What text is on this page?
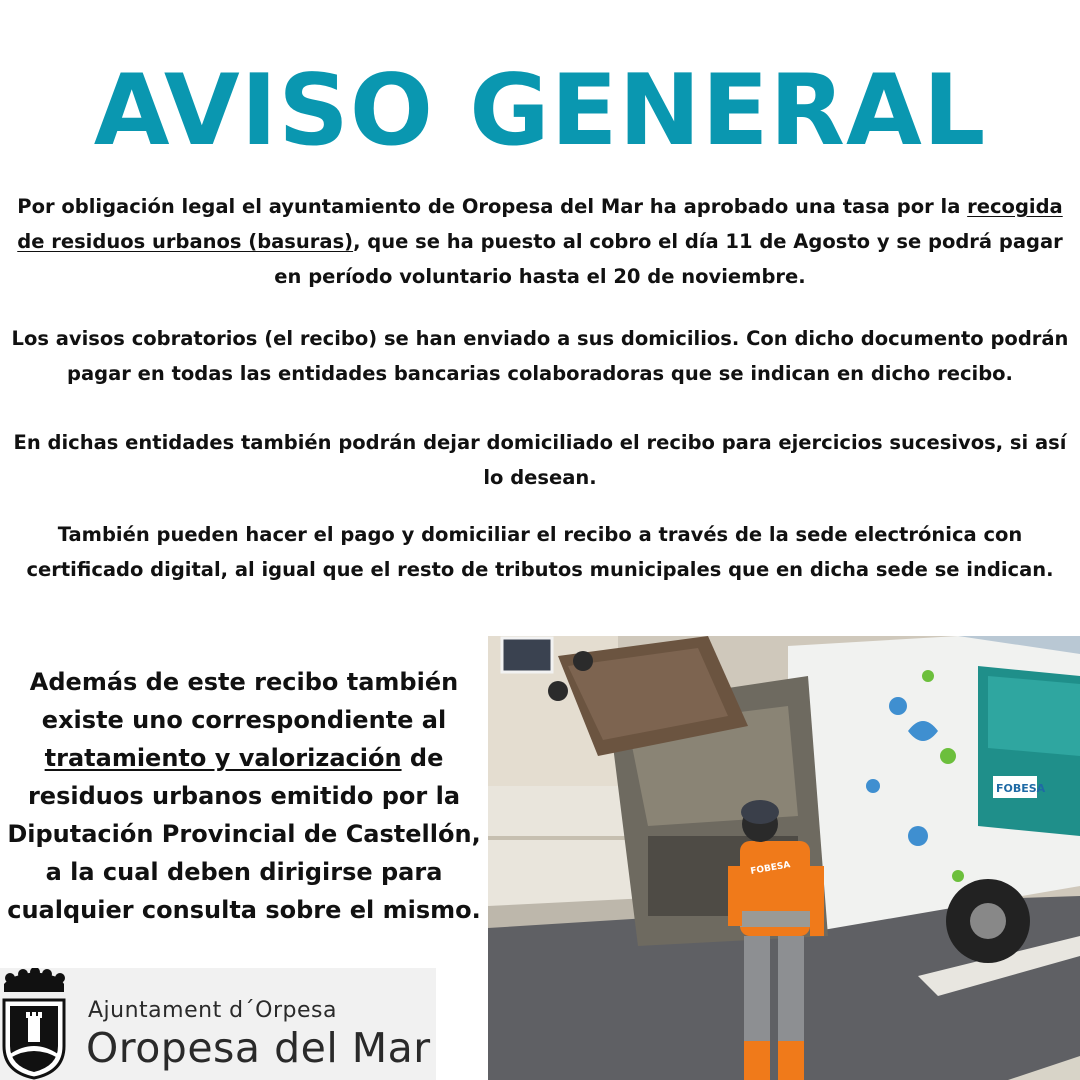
AVISO GENERAL

Por obligación legal el ayuntamiento de Oropesa del Mar ha aprobado una tasa por la recogida de residuos urbanos (basuras), que se ha puesto al cobro el día 11 de Agosto y se podrá pagar en período voluntario hasta el 20 de noviembre.

Los avisos cobratorios (el recibo) se han enviado a sus domicilios. Con dicho documento podrán pagar en todas las entidades bancarias colaboradoras que se indican en dicho recibo.

En dichas entidades también podrán dejar domiciliado el recibo para ejercicios sucesivos, si así lo desean.

También pueden hacer el pago y domiciliar el recibo a través de la sede electrónica con certificado digital, al igual que el resto de tributos municipales que en dicha sede se indican.

Además de este recibo también existe uno correspondiente al tratamiento y valorización de residuos urbanos emitido por la Diputación Provincial de Castellón, a la cual deben dirigirse para cualquier consulta sobre el mismo.

FOBESA
FOBESA
Ajuntament d´Orpesa
Oropesa del Mar
